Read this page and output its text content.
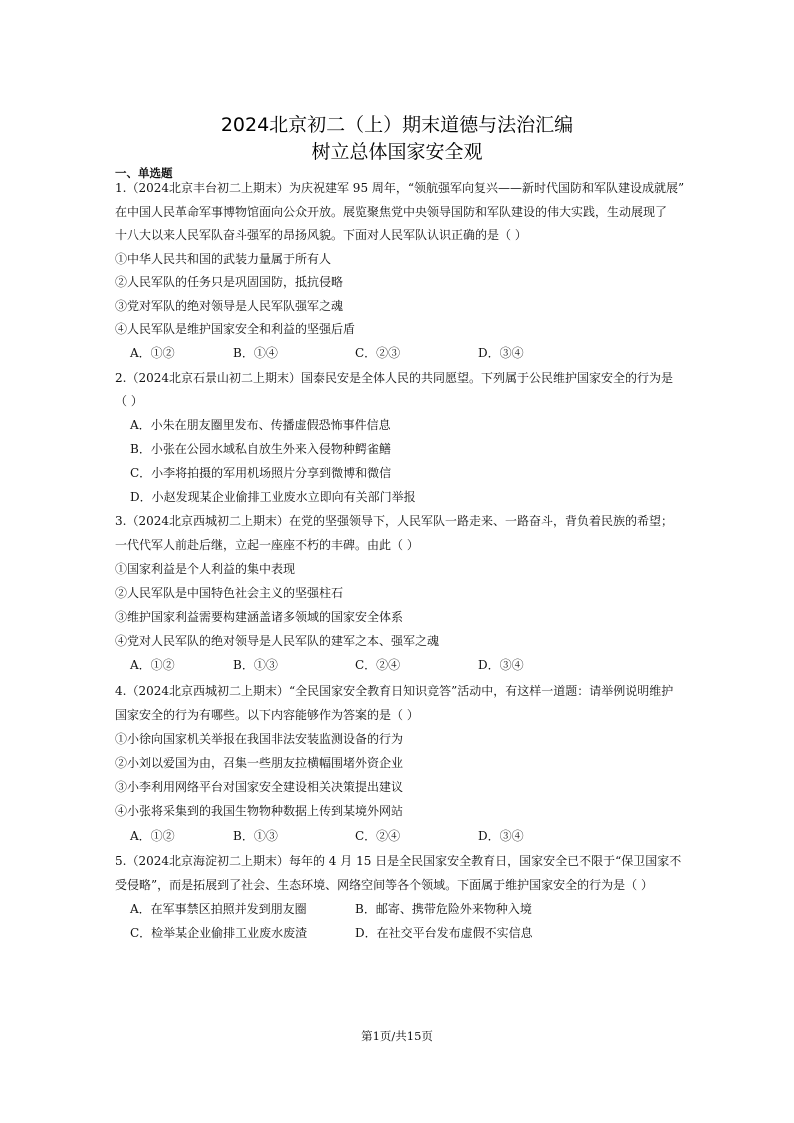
2024北京初二（上）期末道德与法治汇编
树立总体国家安全观
一、单选题
1.（2024北京丰台初二上期末）为庆祝建军 95 周年，“领航强军向复兴——新时代国防和军队建设成就展”
在中国人民革命军事博物馆面向公众开放。展览聚焦党中央领导国防和军队建设的伟大实践，生动展现了
十八大以来人民军队奋斗强军的昂扬风貌。下面对人民军队认识正确的是（ ）
①中华人民共和国的武装力量属于所有人
②人民军队的任务只是巩固国防，抵抗侵略
③党对军队的绝对领导是人民军队强军之魂
④人民军队是维护国家安全和利益的坚强后盾
A．①②	B．①④	C．②③	D．③④
2.（2024北京石景山初二上期末）国泰民安是全体人民的共同愿望。下列属于公民维护国家安全的行为是
（ ）
A．小朱在朋友圈里发布、传播虚假恐怖事件信息
B．小张在公园水域私自放生外来入侵物种鳄雀鳝
C．小李将拍摄的军用机场照片分享到微博和微信
D．小赵发现某企业偷排工业废水立即向有关部门举报
3.（2024北京西城初二上期末）在党的坚强领导下，人民军队一路走来、一路奋斗，背负着民族的希望；
一代代军人前赴后继，立起一座座不朽的丰碑。由此（ ）
①国家利益是个人利益的集中表现
②人民军队是中国特色社会主义的坚强柱石
③维护国家利益需要构建涵盖诸多领域的国家安全体系
④党对人民军队的绝对领导是人民军队的建军之本、强军之魂
A．①②	B．①③	C．②④	D．③④
4.（2024北京西城初二上期末）“全民国家安全教育日知识竞答”活动中，有这样一道题：请举例说明维护
国家安全的行为有哪些。以下内容能够作为答案的是（ ）
①小徐向国家机关举报在我国非法安装监测设备的行为
②小刘以爱国为由，召集一些朋友拉横幅围堵外资企业
③小李利用网络平台对国家安全建设相关决策提出建议
④小张将采集到的我国生物物种数据上传到某境外网站
A．①②	B．①③	C．②④	D．③④
5.（2024北京海淀初二上期末）每年的 4 月 15 日是全民国家安全教育日，国家安全已不限于“保卫国家不
受侵略”，而是拓展到了社会、生态环境、网络空间等各个领域。下面属于维护国家安全的行为是（ ）
A．在军事禁区拍照并发到朋友圈	B．邮寄、携带危险外来物种入境
C．检举某企业偷排工业废水废渣	D．在社交平台发布虚假不实信息
第1页/共15页
